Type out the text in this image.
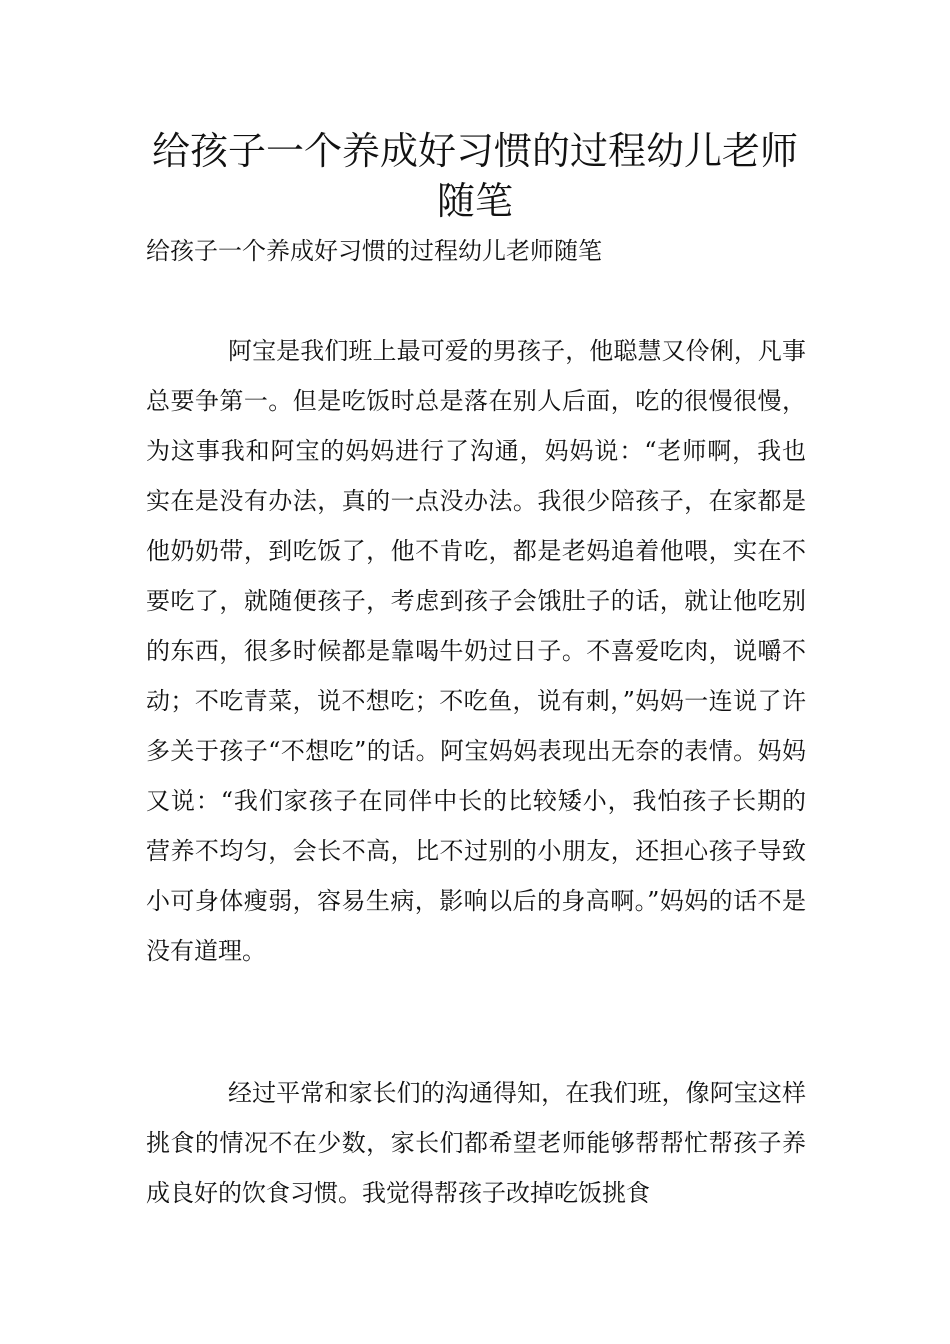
给孩子一个养成好习惯的过程幼儿老师随笔

给孩子一个养成好习惯的过程幼儿老师随笔

阿宝是我们班上最可爱的男孩子，他聪慧又伶俐，凡事总要争第一。但是吃饭时总是落在别人后面，吃的很慢很慢，为这事我和阿宝的妈妈进行了沟通，妈妈说：“老师啊，我也实在是没有办法，真的一点没办法。我很少陪孩子，在家都是他奶奶带，到吃饭了，他不肯吃，都是老妈追着他喂，实在不要吃了，就随便孩子，考虑到孩子会饿肚子的话，就让他吃别的东西，很多时候都是靠喝牛奶过日子。不喜爱吃肉，说嚼不动；不吃青菜，说不想吃；不吃鱼，说有刺，”妈妈一连说了许多关于孩子“不想吃”的话。阿宝妈妈表现出无奈的表情。妈妈又说：“我们家孩子在同伴中长的比较矮小，我怕孩子长期的营养不均匀，会长不高，比不过别的小朋友，还担心孩子导致小可身体瘦弱，容易生病，影响以后的身高啊。”妈妈的话不是没有道理。

经过平常和家长们的沟通得知，在我们班，像阿宝这样挑食的情况不在少数，家长们都希望老师能够帮帮忙帮孩子养成良好的饮食习惯。我觉得帮孩子改掉吃饭挑食
